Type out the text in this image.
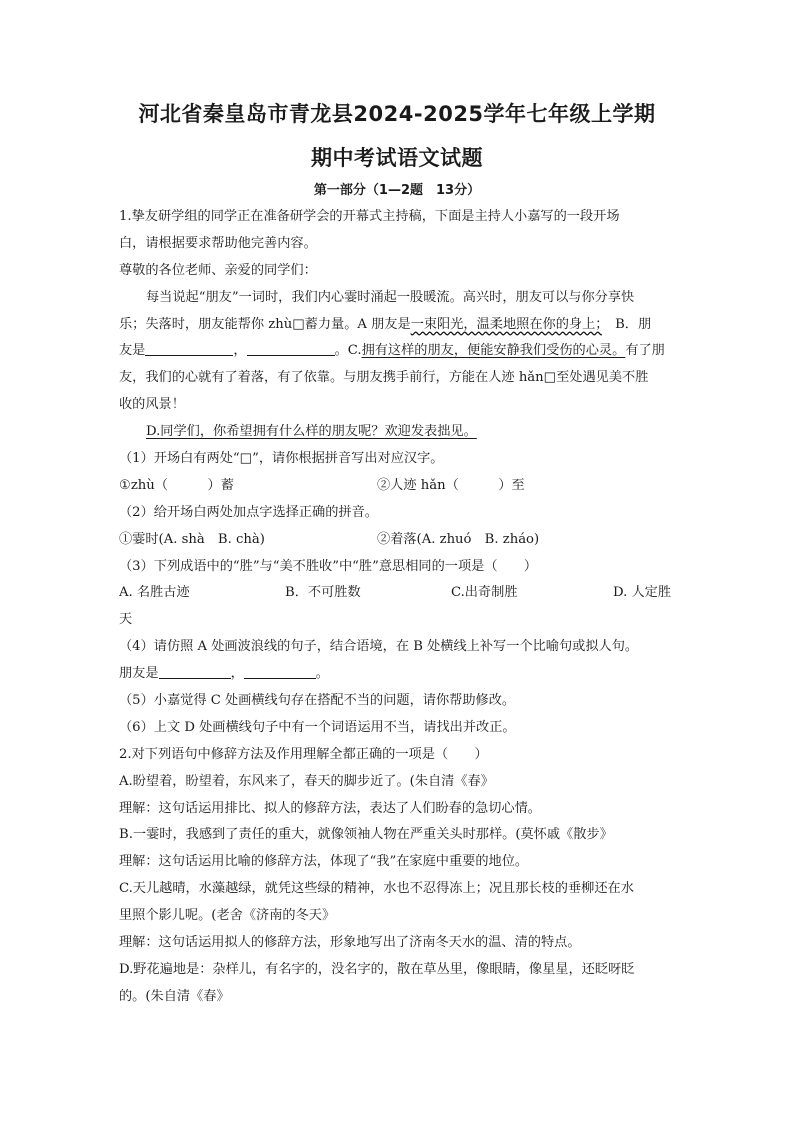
河北省秦皇岛市青龙县2024-2025学年七年级上学期
期中考试语文试题
第一部分（1—2题　13分）
1.挚友研学组的同学正在准备研学会的开幕式主持稿，下面是主持人小嘉写的一段开场
白，请根据要求帮助他完善内容。
尊敬的各位老师、亲爱的同学们：
每当说起“朋友”一词时，我们内心霎时涌起一股暖流。高兴时，朋友可以与你分享快
乐；失落时，朋友能帮你 zhù□蓄力量。A 朋友是一束阳光，温柔地照在你的身上；　B．朋
友是	，	。C.拥有这样的朋友，便能安静我们受伤的心灵。有了朋
友，我们的心就有了着落，有了依靠。与朋友携手前行，方能在人迹 hǎn□至处遇见美不胜
收的风景！
D.同学们，你希望拥有什么样的朋友呢？欢迎发表拙见。
（1）开场白有两处“□”，请你根据拼音写出对应汉字。
①zhù（　　　）蓄	②人迹 hǎn（　　　）至
（2）给开场白两处加点字选择正确的拼音。
①霎时(A. shà　B. chà)	②着落(A. zhuó　B. zháo)
（3）下列成语中的“胜”与“美不胜收”中“胜”意思相同的一项是（　　）
A. 名胜古迹	B．不可胜数	C.出奇制胜	D. 人定胜
天
（4）请仿照 A 处画波浪线的句子，结合语境，在 B 处横线上补写一个比喻句或拟人句。
朋友是	，	。
（5）小嘉觉得 C 处画横线句存在搭配不当的问题，请你帮助修改。
（6）上文 D 处画横线句子中有一个词语运用不当，请找出并改正。
2.对下列语句中修辞方法及作用理解全都正确的一项是（　　）
A.盼望着，盼望着，东风来了，春天的脚步近了。(朱自清《春》
理解：这句话运用排比、拟人的修辞方法，表达了人们盼春的急切心情。
B.一霎时，我感到了责任的重大，就像领袖人物在严重关头时那样。(莫怀戚《散步》
理解：这句话运用比喻的修辞方法，体现了“我”在家庭中重要的地位。
C.天儿越晴，水藻越绿，就凭这些绿的精神，水也不忍得冻上；况且那长枝的垂柳还在水
里照个影儿呢。(老舍《济南的冬天》
理解：这句话运用拟人的修辞方法，形象地写出了济南冬天水的温、清的特点。
D.野花遍地是：杂样儿，有名字的，没名字的，散在草丛里，像眼睛，像星星，还眨呀眨
的。(朱自清《春》
